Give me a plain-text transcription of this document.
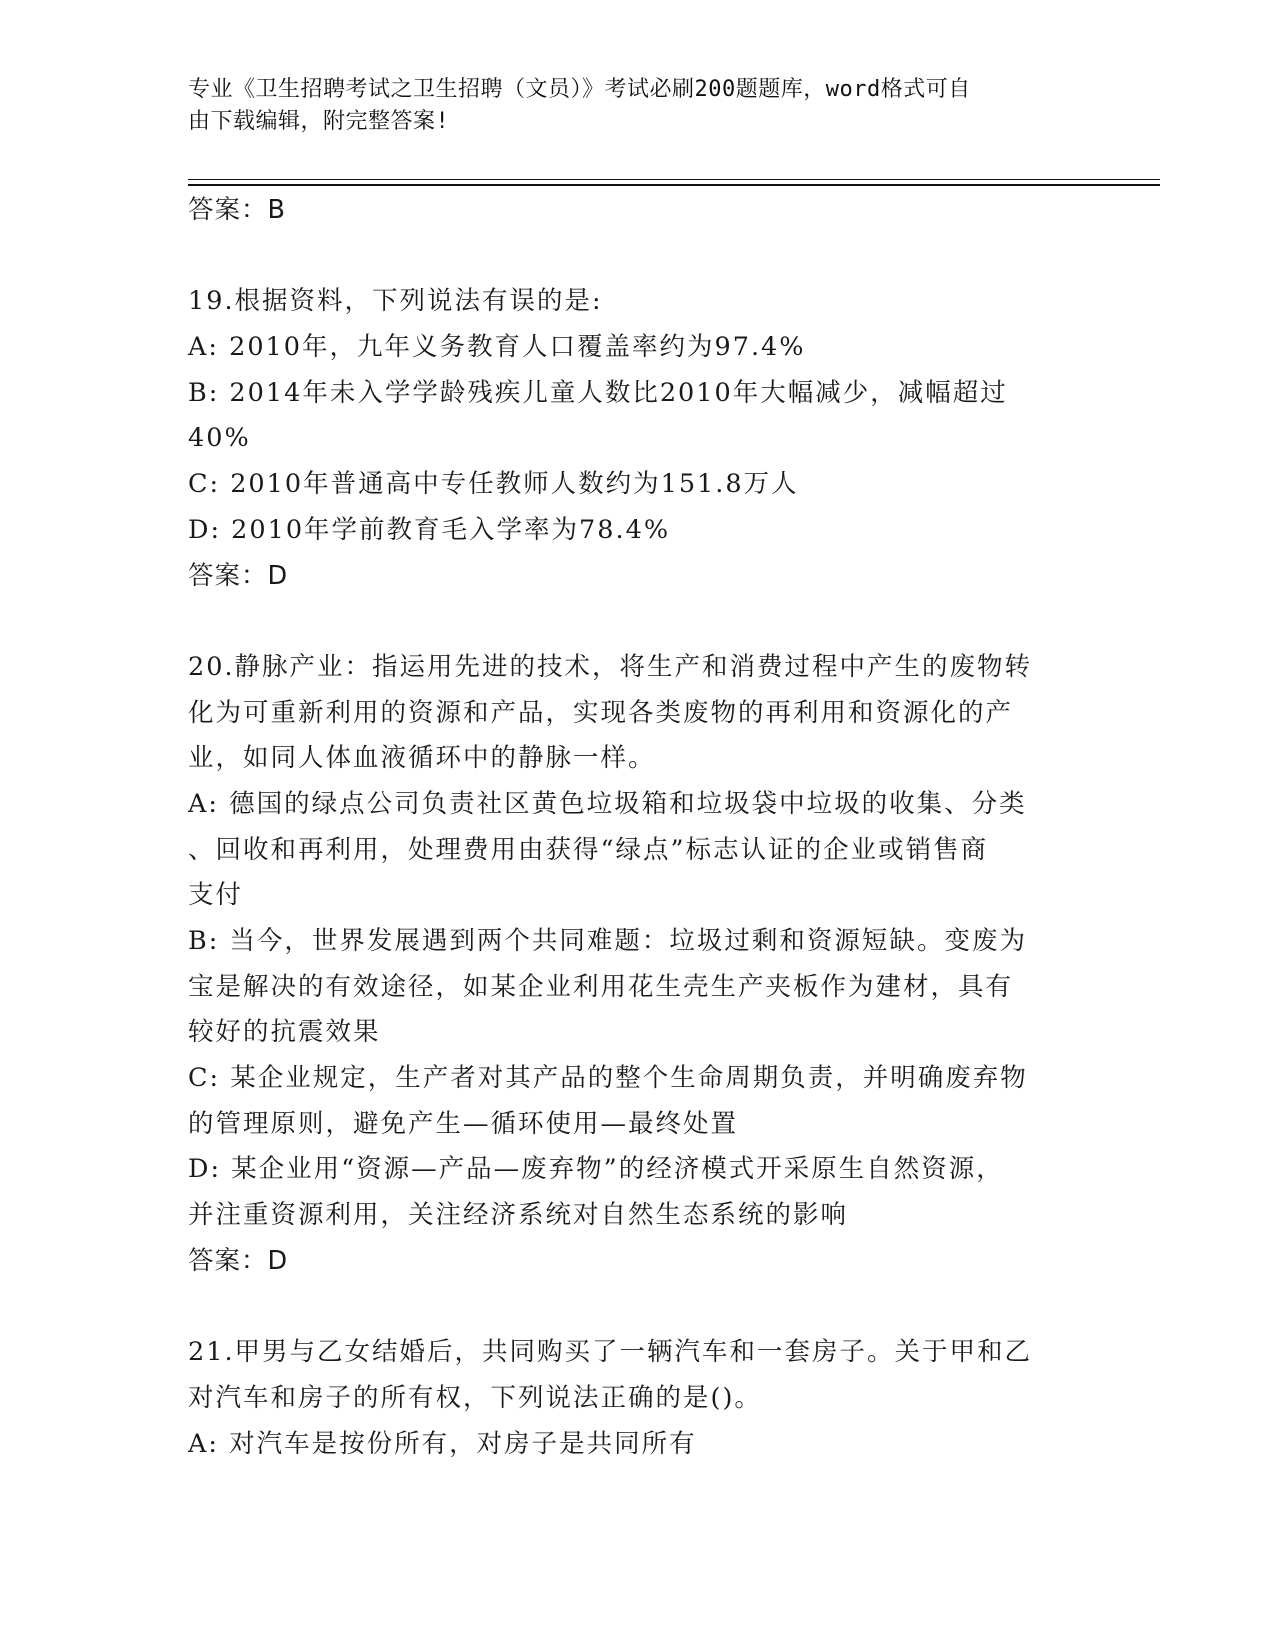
专业《卫生招聘考试之卫生招聘（文员）》考试必刷200题题库，word格式可自
由下载编辑，附完整答案!
答案：B
19.根据资料，下列说法有误的是:
A: 2010年，九年义务教育人口覆盖率约为97.4%
B: 2014年未入学学龄残疾儿童人数比2010年大幅减少，减幅超过
40%
C: 2010年普通高中专任教师人数约为151.8万人
D: 2010年学前教育毛入学率为78.4%
答案：D
20.静脉产业：指运用先进的技术，将生产和消费过程中产生的废物转
化为可重新利用的资源和产品，实现各类废物的再利用和资源化的产
业，如同人体血液循环中的静脉一样。
A: 德国的绿点公司负责社区黄色垃圾箱和垃圾袋中垃圾的收集、分类
、回收和再利用，处理费用由获得“绿点”标志认证的企业或销售商
支付
B: 当今，世界发展遇到两个共同难题：垃圾过剩和资源短缺。变废为
宝是解决的有效途径，如某企业利用花生壳生产夹板作为建材，具有
较好的抗震效果
C: 某企业规定，生产者对其产品的整个生命周期负责，并明确废弃物
的管理原则，避免产生—循环使用—最终处置
D: 某企业用“资源—产品—废弃物”的经济模式开采原生自然资源，
并注重资源利用，关注经济系统对自然生态系统的影响
答案：D
21.甲男与乙女结婚后，共同购买了一辆汽车和一套房子。关于甲和乙
对汽车和房子的所有权，下列说法正确的是()。
A: 对汽车是按份所有，对房子是共同所有
